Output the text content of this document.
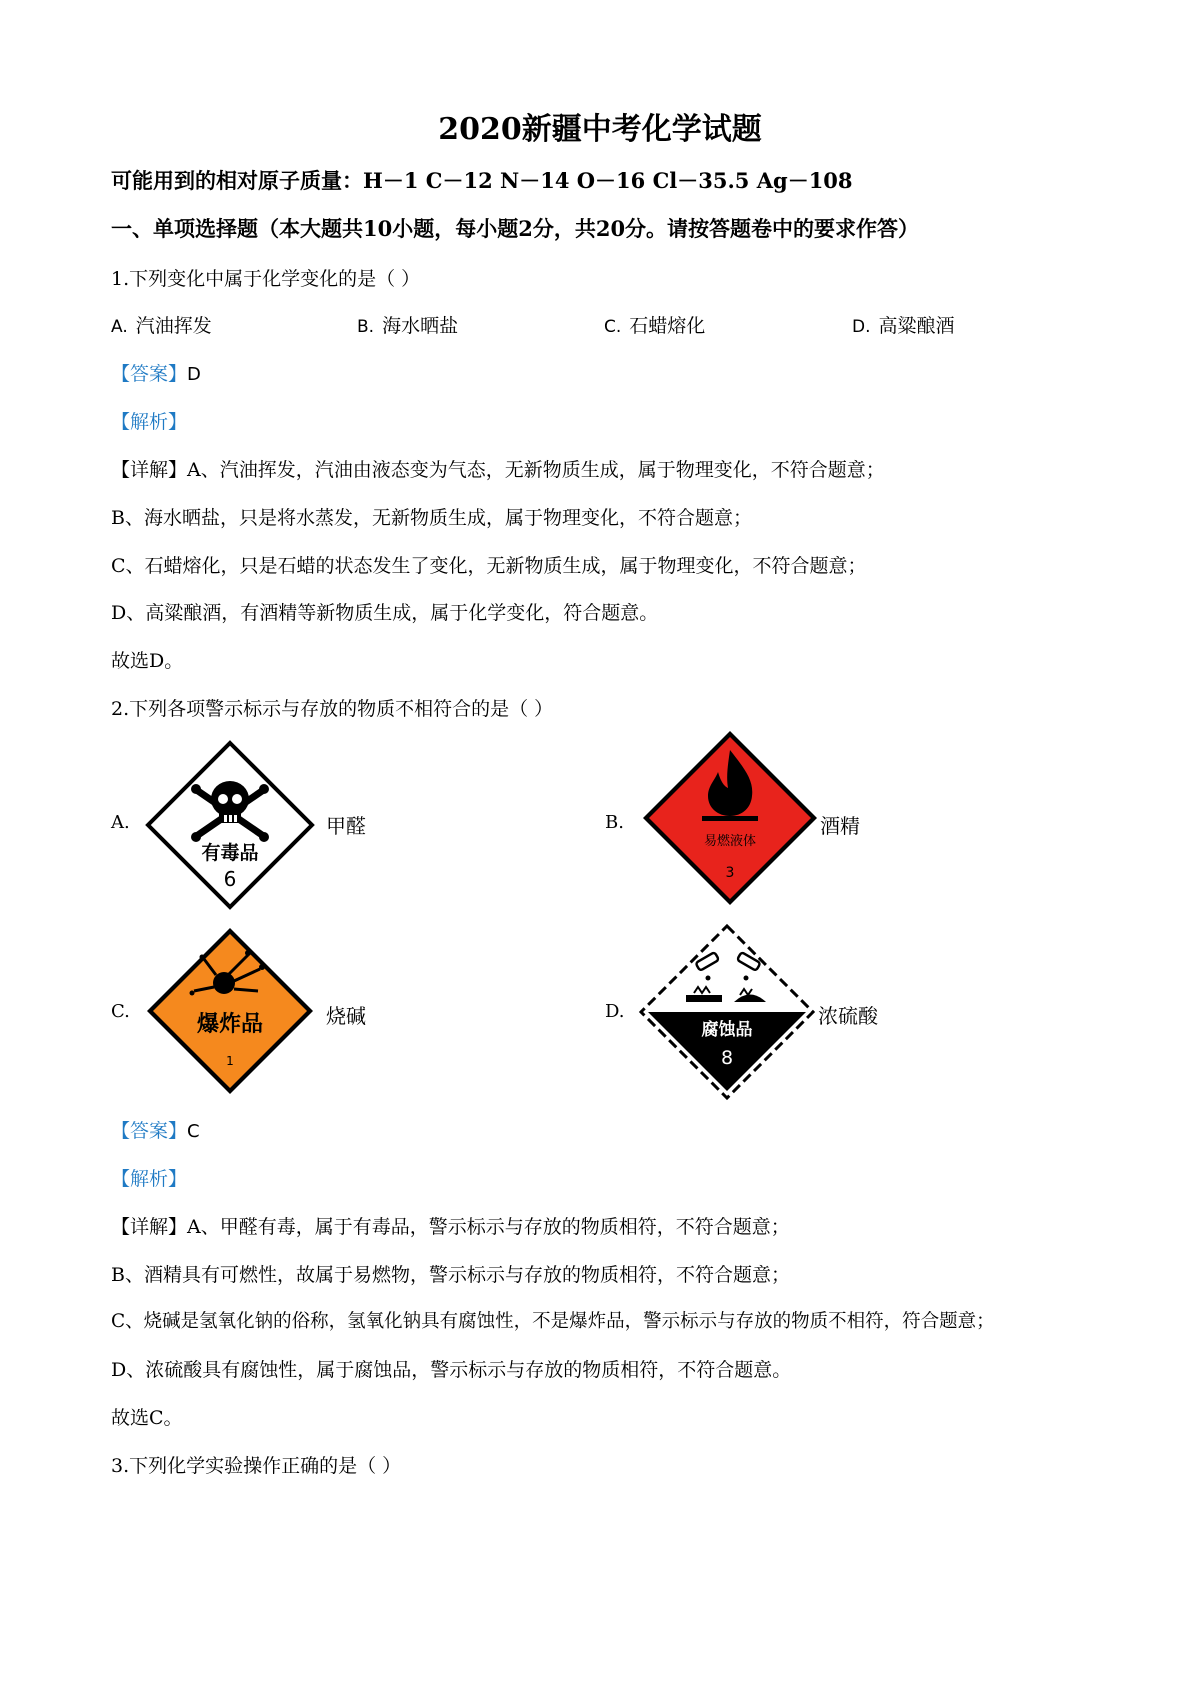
2020新疆中考化学试题
可能用到的相对原子质量：H－1 C－12 N－14 O－16 Cl－35.5 Ag－108
一、单项选择题（本大题共10小题，每小题2分，共20分。请按答题卷中的要求作答）
1.下列变化中属于化学变化的是（ ）
A. 汽油挥发	B. 海水晒盐	C. 石蜡熔化	D. 高粱酿酒
【答案】D
【解析】
【详解】A、汽油挥发，汽油由液态变为气态，无新物质生成，属于物理变化，不符合题意；
B、海水晒盐，只是将水蒸发，无新物质生成，属于物理变化，不符合题意；
C、石蜡熔化，只是石蜡的状态发生了变化，无新物质生成，属于物理变化，不符合题意；
D、高粱酿酒，有酒精等新物质生成，属于化学变化，符合题意。
故选D。
2.下列各项警示标示与存放的物质不相符合的是（ ）
A.
有毒品
6
甲醛	B.
易燃液体
3
酒精
C.
爆炸品
1
烧碱	D.
腐蚀品
8
浓硫酸
【答案】C
【解析】
【详解】A、甲醛有毒，属于有毒品，警示标示与存放的物质相符，不符合题意；
B、酒精具有可燃性，故属于易燃物，警示标示与存放的物质相符，不符合题意；
C、烧碱是氢氧化钠的俗称，氢氧化钠具有腐蚀性，不是爆炸品，警示标示与存放的物质不相符，符合题意；
D、浓硫酸具有腐蚀性，属于腐蚀品，警示标示与存放的物质相符，不符合题意。
故选C。
3.下列化学实验操作正确的是（ ）
